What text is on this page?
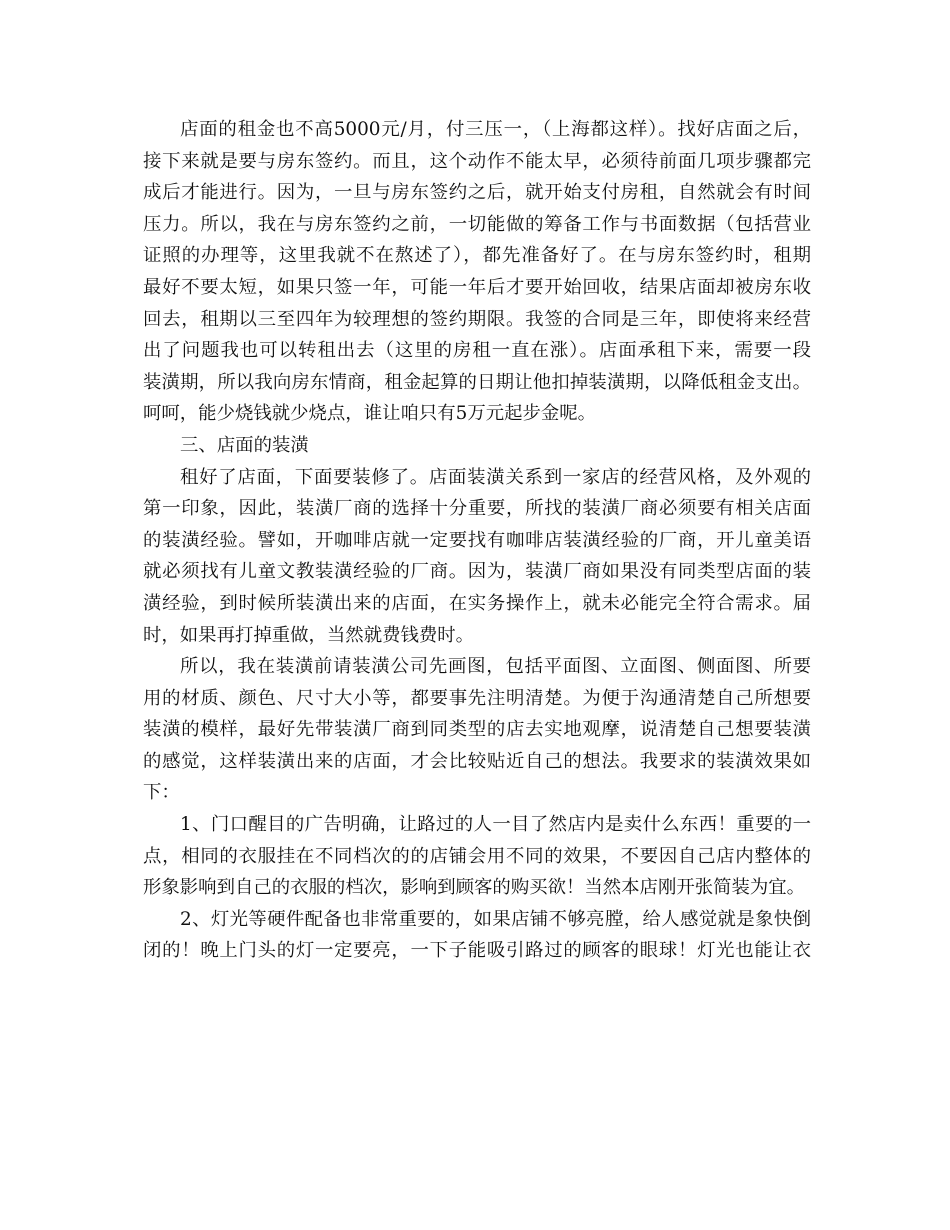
店面的租金也不高5000元/月，付三压一，（上海都这样）。找好店面之后，
接下来就是要与房东签约。而且，这个动作不能太早，必须待前面几项步骤都完
成后才能进行。因为，一旦与房东签约之后，就开始支付房租，自然就会有时间
压力。所以，我在与房东签约之前，一切能做的筹备工作与书面数据（包括营业
证照的办理等，这里我就不在熬述了），都先准备好了。在与房东签约时，租期
最好不要太短，如果只签一年，可能一年后才要开始回收，结果店面却被房东收
回去，租期以三至四年为较理想的签约期限。我签的合同是三年，即使将来经营
出了问题我也可以转租出去（这里的房租一直在涨）。店面承租下来，需要一段
装潢期，所以我向房东情商，租金起算的日期让他扣掉装潢期，以降低租金支出。
呵呵，能少烧钱就少烧点，谁让咱只有5万元起步金呢。
三、店面的装潢
租好了店面，下面要装修了。店面装潢关系到一家店的经营风格，及外观的
第一印象，因此，装潢厂商的选择十分重要，所找的装潢厂商必须要有相关店面
的装潢经验。譬如，开咖啡店就一定要找有咖啡店装潢经验的厂商，开儿童美语
就必须找有儿童文教装潢经验的厂商。因为，装潢厂商如果没有同类型店面的装
潢经验，到时候所装潢出来的店面，在实务操作上，就未必能完全符合需求。届
时，如果再打掉重做，当然就费钱费时。
所以，我在装潢前请装潢公司先画图，包括平面图、立面图、侧面图、所要
用的材质、颜色、尺寸大小等，都要事先注明清楚。为便于沟通清楚自己所想要
装潢的模样，最好先带装潢厂商到同类型的店去实地观摩，说清楚自己想要装潢
的感觉，这样装潢出来的店面，才会比较贴近自己的想法。我要求的装潢效果如
下：
1、门口醒目的广告明确，让路过的人一目了然店内是卖什么东西！重要的一
点，相同的衣服挂在不同档次的的店铺会用不同的效果，不要因自己店内整体的
形象影响到自己的衣服的档次，影响到顾客的购买欲！当然本店刚开张简装为宜。
2、灯光等硬件配备也非常重要的，如果店铺不够亮膛，给人感觉就是象快倒
闭的！晚上门头的灯一定要亮，一下子能吸引路过的顾客的眼球！灯光也能让衣
